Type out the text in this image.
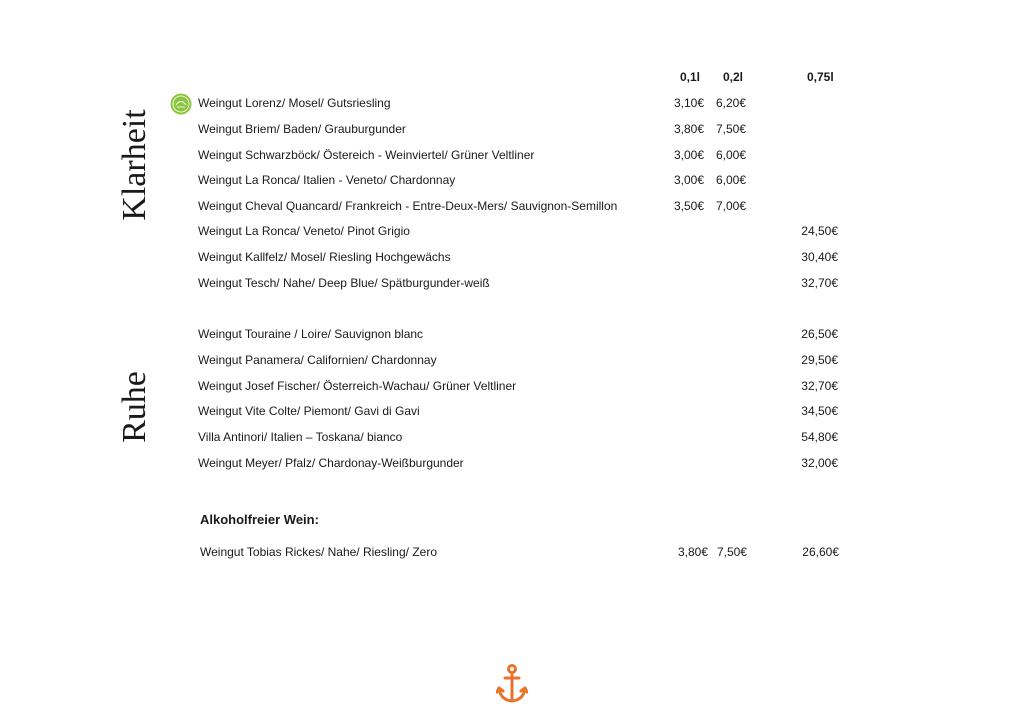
Klarheit
Ruhe
0,1l 0,2l	0,75l
Weingut Lorenz/ Mosel/ Gutsriesling	3,10€ 6,20€
Weingut Briem/ Baden/ Grauburgunder	3,80€ 7,50€
Weingut Schwarzböck/ Östereich - Weinviertel/ Grüner Veltliner	3,00€ 6,00€
Weingut La Ronca/ Italien - Veneto/ Chardonnay	3,00€ 6,00€
Weingut Cheval Quancard/ Frankreich - Entre-Deux-Mers/ Sauvignon-Semillon	3,50€ 7,00€
Weingut La Ronca/ Veneto/ Pinot Grigio	24,50€
Weingut Kallfelz/ Mosel/ Riesling Hochgewächs	30,40€
Weingut Tesch/ Nahe/ Deep Blue/ Spätburgunder-weiß	32,70€
Weingut Touraine / Loire/ Sauvignon blanc	26,50€
Weingut Panamera/ Californien/ Chardonnay	29,50€
Weingut Josef Fischer/ Österreich-Wachau/ Grüner Veltliner	32,70€
Weingut Vite Colte/ Piemont/ Gavi di Gavi	34,50€
Villa Antinori/ Italien – Toskana/ bianco	54,80€
Weingut Meyer/ Pfalz/ Chardonay-Weißburgunder	32,00€
Alkoholfreier Wein:
Weingut Tobias Rickes/ Nahe/ Riesling/ Zero	3,80€ 7,50€	26,60€
